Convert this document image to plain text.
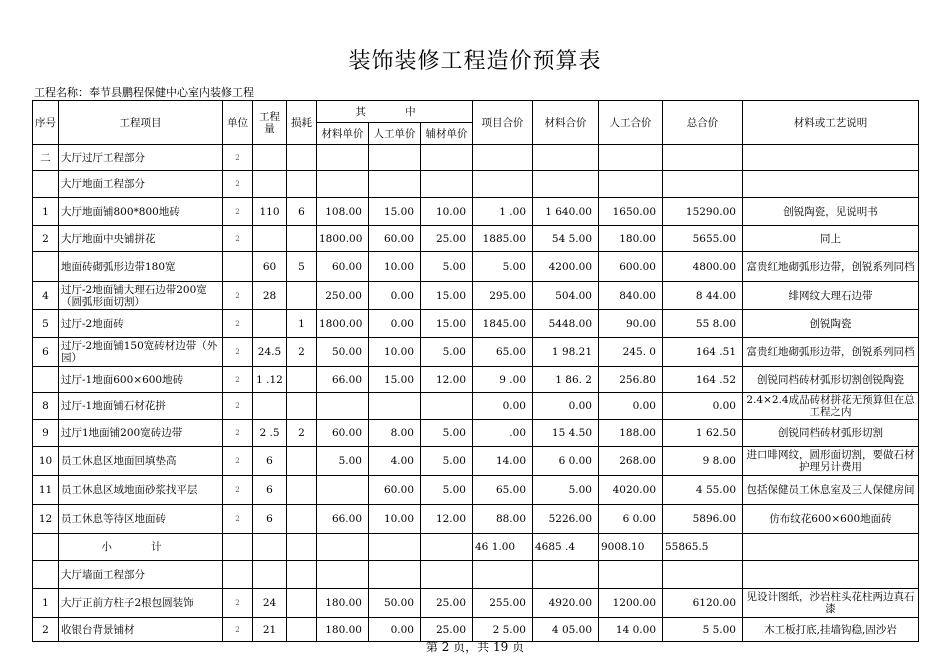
装饰装修工程造价预算表
工程名称：奉节县鹏程保健中心室内装修工程
序号	工程项目	单位	工程量	损耗	其 中			项目合价	材料合价	人工合价	总合价	材料或工艺说明
					材料单价	人工单价	辅材单价					
二	大厅过厅工程部分	2										
	大厅地面工程部分	2										
1	大厅地面铺800*800地砖	2	110	6	108.00	15.00	10.00	1 .00	1 640.00	1650.00	15290.00	创锐陶瓷，见说明书
2	大厅地面中央铺拼花	2			1800.00	60.00	25.00	1885.00	54 5.00	180.00	5655.00	同上
	地面砖砌弧形边带180宽		60	5	60.00	10.00	5.00	5.00	4200.00	600.00	4800.00	富贵红地砌弧形边带，创锐系列同档
4	过厅-2地面铺大理石边带200宽（圆弧形面切割）	2	28		250.00	0.00	15.00	295.00	504.00	840.00	8 44.00	绯网纹大理石边带
5	过厅-2地面砖	2		1	1800.00	0.00	15.00	1845.00	5448.00	90.00	55 8.00	创锐陶瓷
6	过厅-2地面铺150宽砖材边带（外园）	2	24.5	2	50.00	10.00	5.00	65.00	1 98.21	245. 0	164 .51	富贵红地砌弧形边带，创锐系列同档
	过厅-1地面600×600地砖	2	1 .12		66.00	15.00	12.00	9 .00	1 86. 2	256.80	164 .52	创锐同档砖材弧形切割创锐陶瓷
8	过厅-1地面铺石材花拼	2						0.00	0.00	0.00	0.00	2.4×2.4成品砖材拼花无预算但在总工程之内
9	过厅1地面铺200宽砖边带	2	2 .5	2	60.00	8.00	5.00	.00	15 4.50	188.00	1 62.50	创锐同档砖材弧形切割
10	员工休息区地面回填垫高	2	6		5.00	4.00	5.00	14.00	6 0.00	268.00	9 8.00	进口啡网纹，圆形面切割，要做石材护理另计费用
11	员工休息区域地面砂浆找平层	2	6			60.00	5.00	65.00	5.00	4020.00	4 55.00	包括保健员工休息室及三人保健房间
12	员工休息等待区地面砖	2	6		66.00	10.00	12.00	88.00	5226.00	6 0.00	5896.00	仿布纹花600×600地面砖
	小 计							46 1.00	4685 .4	9008.10	55865.5	
	大厅墙面工程部分											
1	大厅正前方柱子2根包圆装饰	2	24		180.00	50.00	25.00	255.00	4920.00	1200.00	6120.00	见设计图纸，沙岩柱头花柱两边真石漆
2	收银台背景铺材	2	21		180.00	0.00	25.00	2 5.00	4 05.00	14 0.00	5 5.00	木工板打底,挂墙钩稳,固沙岩
第 2 页，共 19 页
